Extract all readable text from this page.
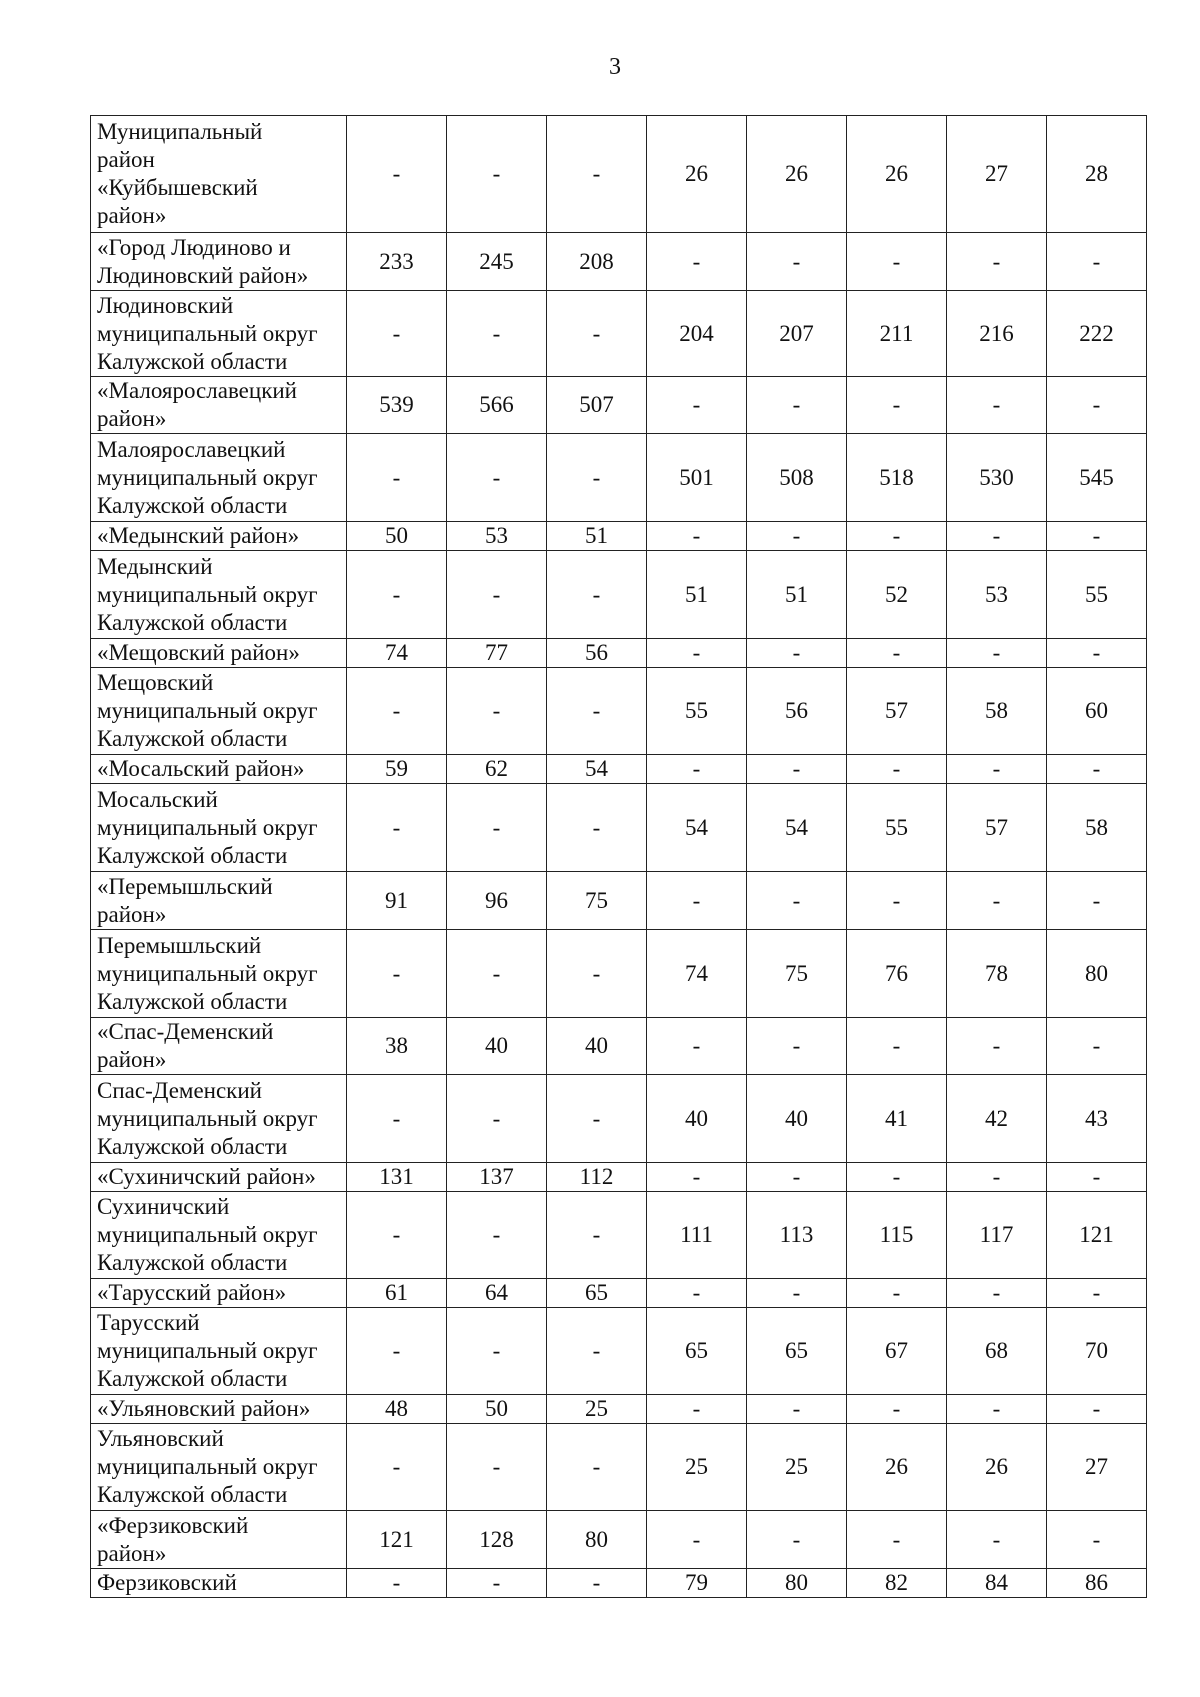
3
Муниципальный
район
«Куйбышевский
район»	-	-	-	26	26	26	27	28

«Город Людиново и
Людиновский район»	233	245	208	-	-	-	-	-

Людиновский
муниципальный округ
Калужской области	-	-	-	204	207	211	216	222

«Малоярославецкий
район»	539	566	507	-	-	-	-	-

Малоярославецкий
муниципальный округ
Калужской области	-	-	-	501	508	518	530	545

«Медынский район»	50	53	51	-	-	-	-	-

Медынский
муниципальный округ
Калужской области	-	-	-	51	51	52	53	55

«Мещовский район»	74	77	56	-	-	-	-	-

Мещовский
муниципальный округ
Калужской области	-	-	-	55	56	57	58	60

«Мосальский район»	59	62	54	-	-	-	-	-

Мосальский
муниципальный округ
Калужской области	-	-	-	54	54	55	57	58

«Перемышльский
район»	91	96	75	-	-	-	-	-

Перемышльский
муниципальный округ
Калужской области	-	-	-	74	75	76	78	80

«Спас-Деменский
район»	38	40	40	-	-	-	-	-

Спас-Деменский
муниципальный округ
Калужской области	-	-	-	40	40	41	42	43

«Сухиничский район»	131	137	112	-	-	-	-	-

Сухиничский
муниципальный округ
Калужской области	-	-	-	111	113	115	117	121

«Тарусский район»	61	64	65	-	-	-	-	-

Тарусский
муниципальный округ
Калужской области	-	-	-	65	65	67	68	70

«Ульяновский район»	48	50	25	-	-	-	-	-

Ульяновский
муниципальный округ
Калужской области	-	-	-	25	25	26	26	27

«Ферзиковский
район»	121	128	80	-	-	-	-	-

Ферзиковский	-	-	-	79	80	82	84	86
